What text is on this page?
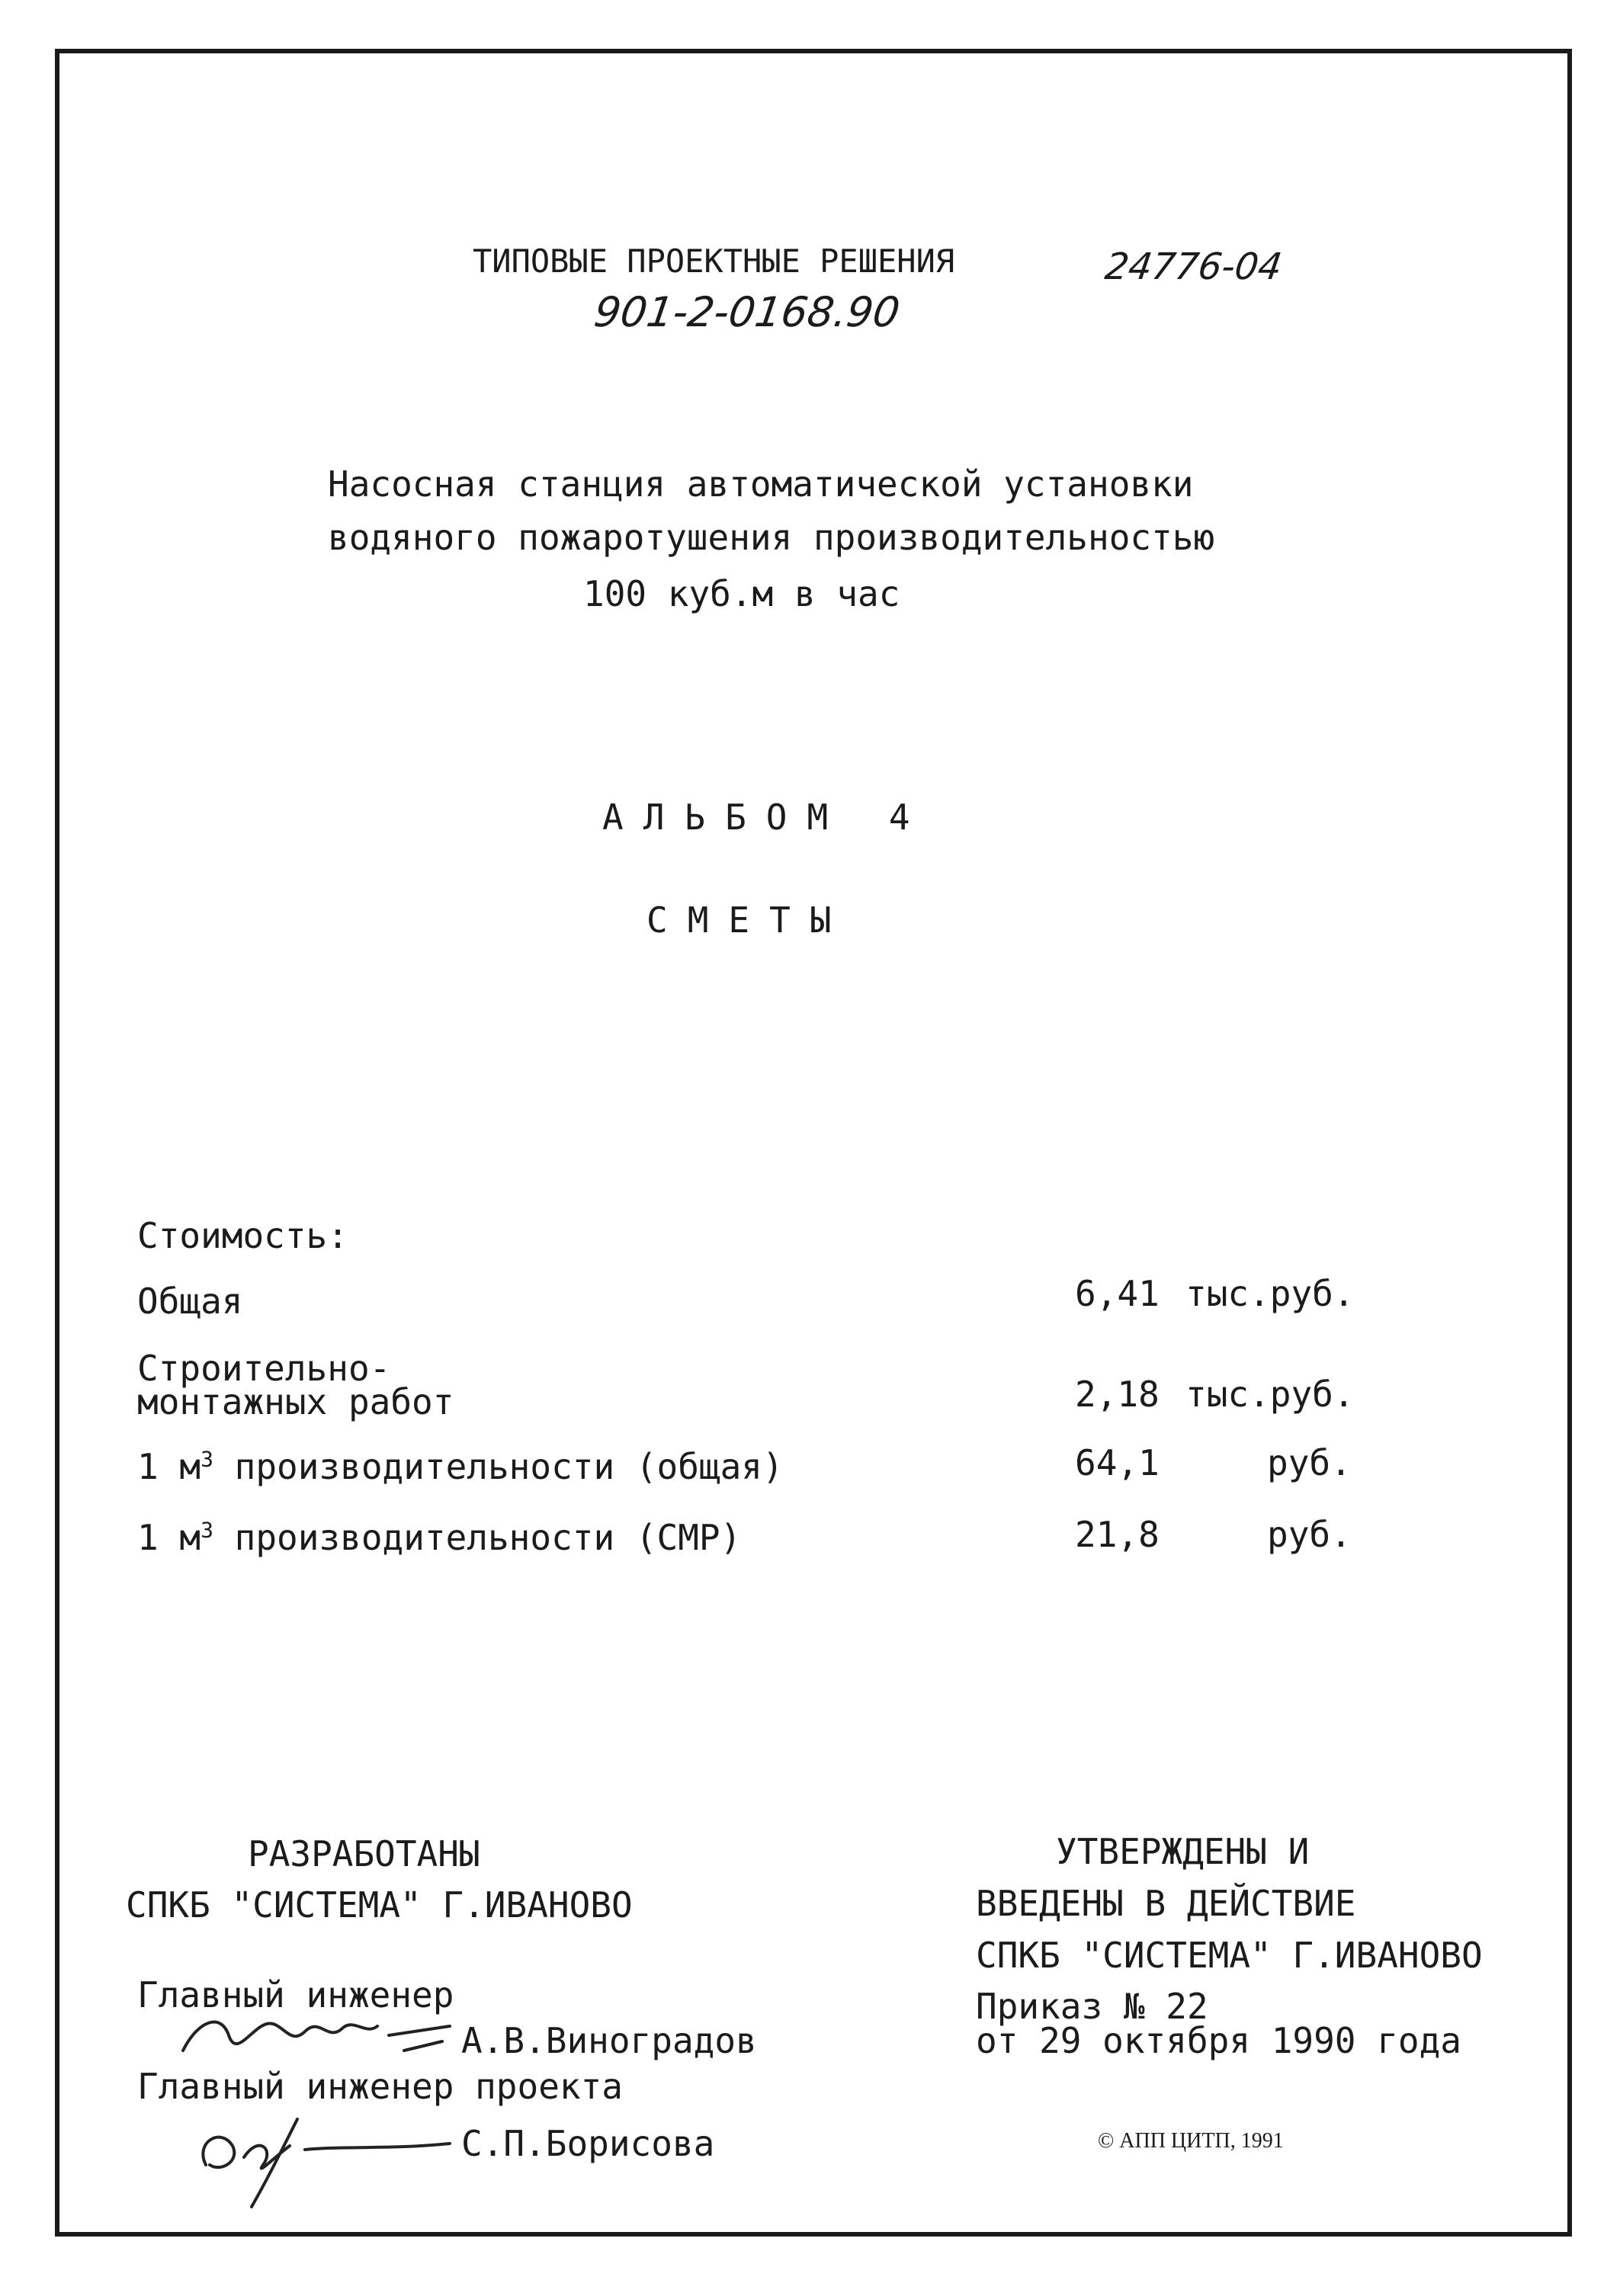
ТИПОВЫЕ ПРОЕКТНЫЕ РЕШЕНИЯ	24776-04
901-2-0168.90
Насосная станция автоматической установки
водяного пожаротушения производительностью
100 куб.м в час
АЛЬБОМ 4
СМЕТЫ
Стоимость:
Общая	6,41 тыс.руб.
Строительно-
монтажных работ	2,18 тыс.руб.
1 $м^3$ производительности (общая)	64,1	руб.
1 $м^3$ производительности (СМР)	21,8	руб.
РАЗРАБОТАНЫ
СПКБ "СИСТЕМА" Г.ИВАНОВО
Главный инженер
А.В.Виноградов
Главный инженер проекта
С.П.Борисова
УТВЕРЖДЕНЫ И
ВВЕДЕНЫ В ДЕЙСТВИЕ
СПКБ "СИСТЕМА" Г.ИВАНОВО
Приказ № 22
от 29 октября 1990 года
© АПП ЦИТП, 1991
